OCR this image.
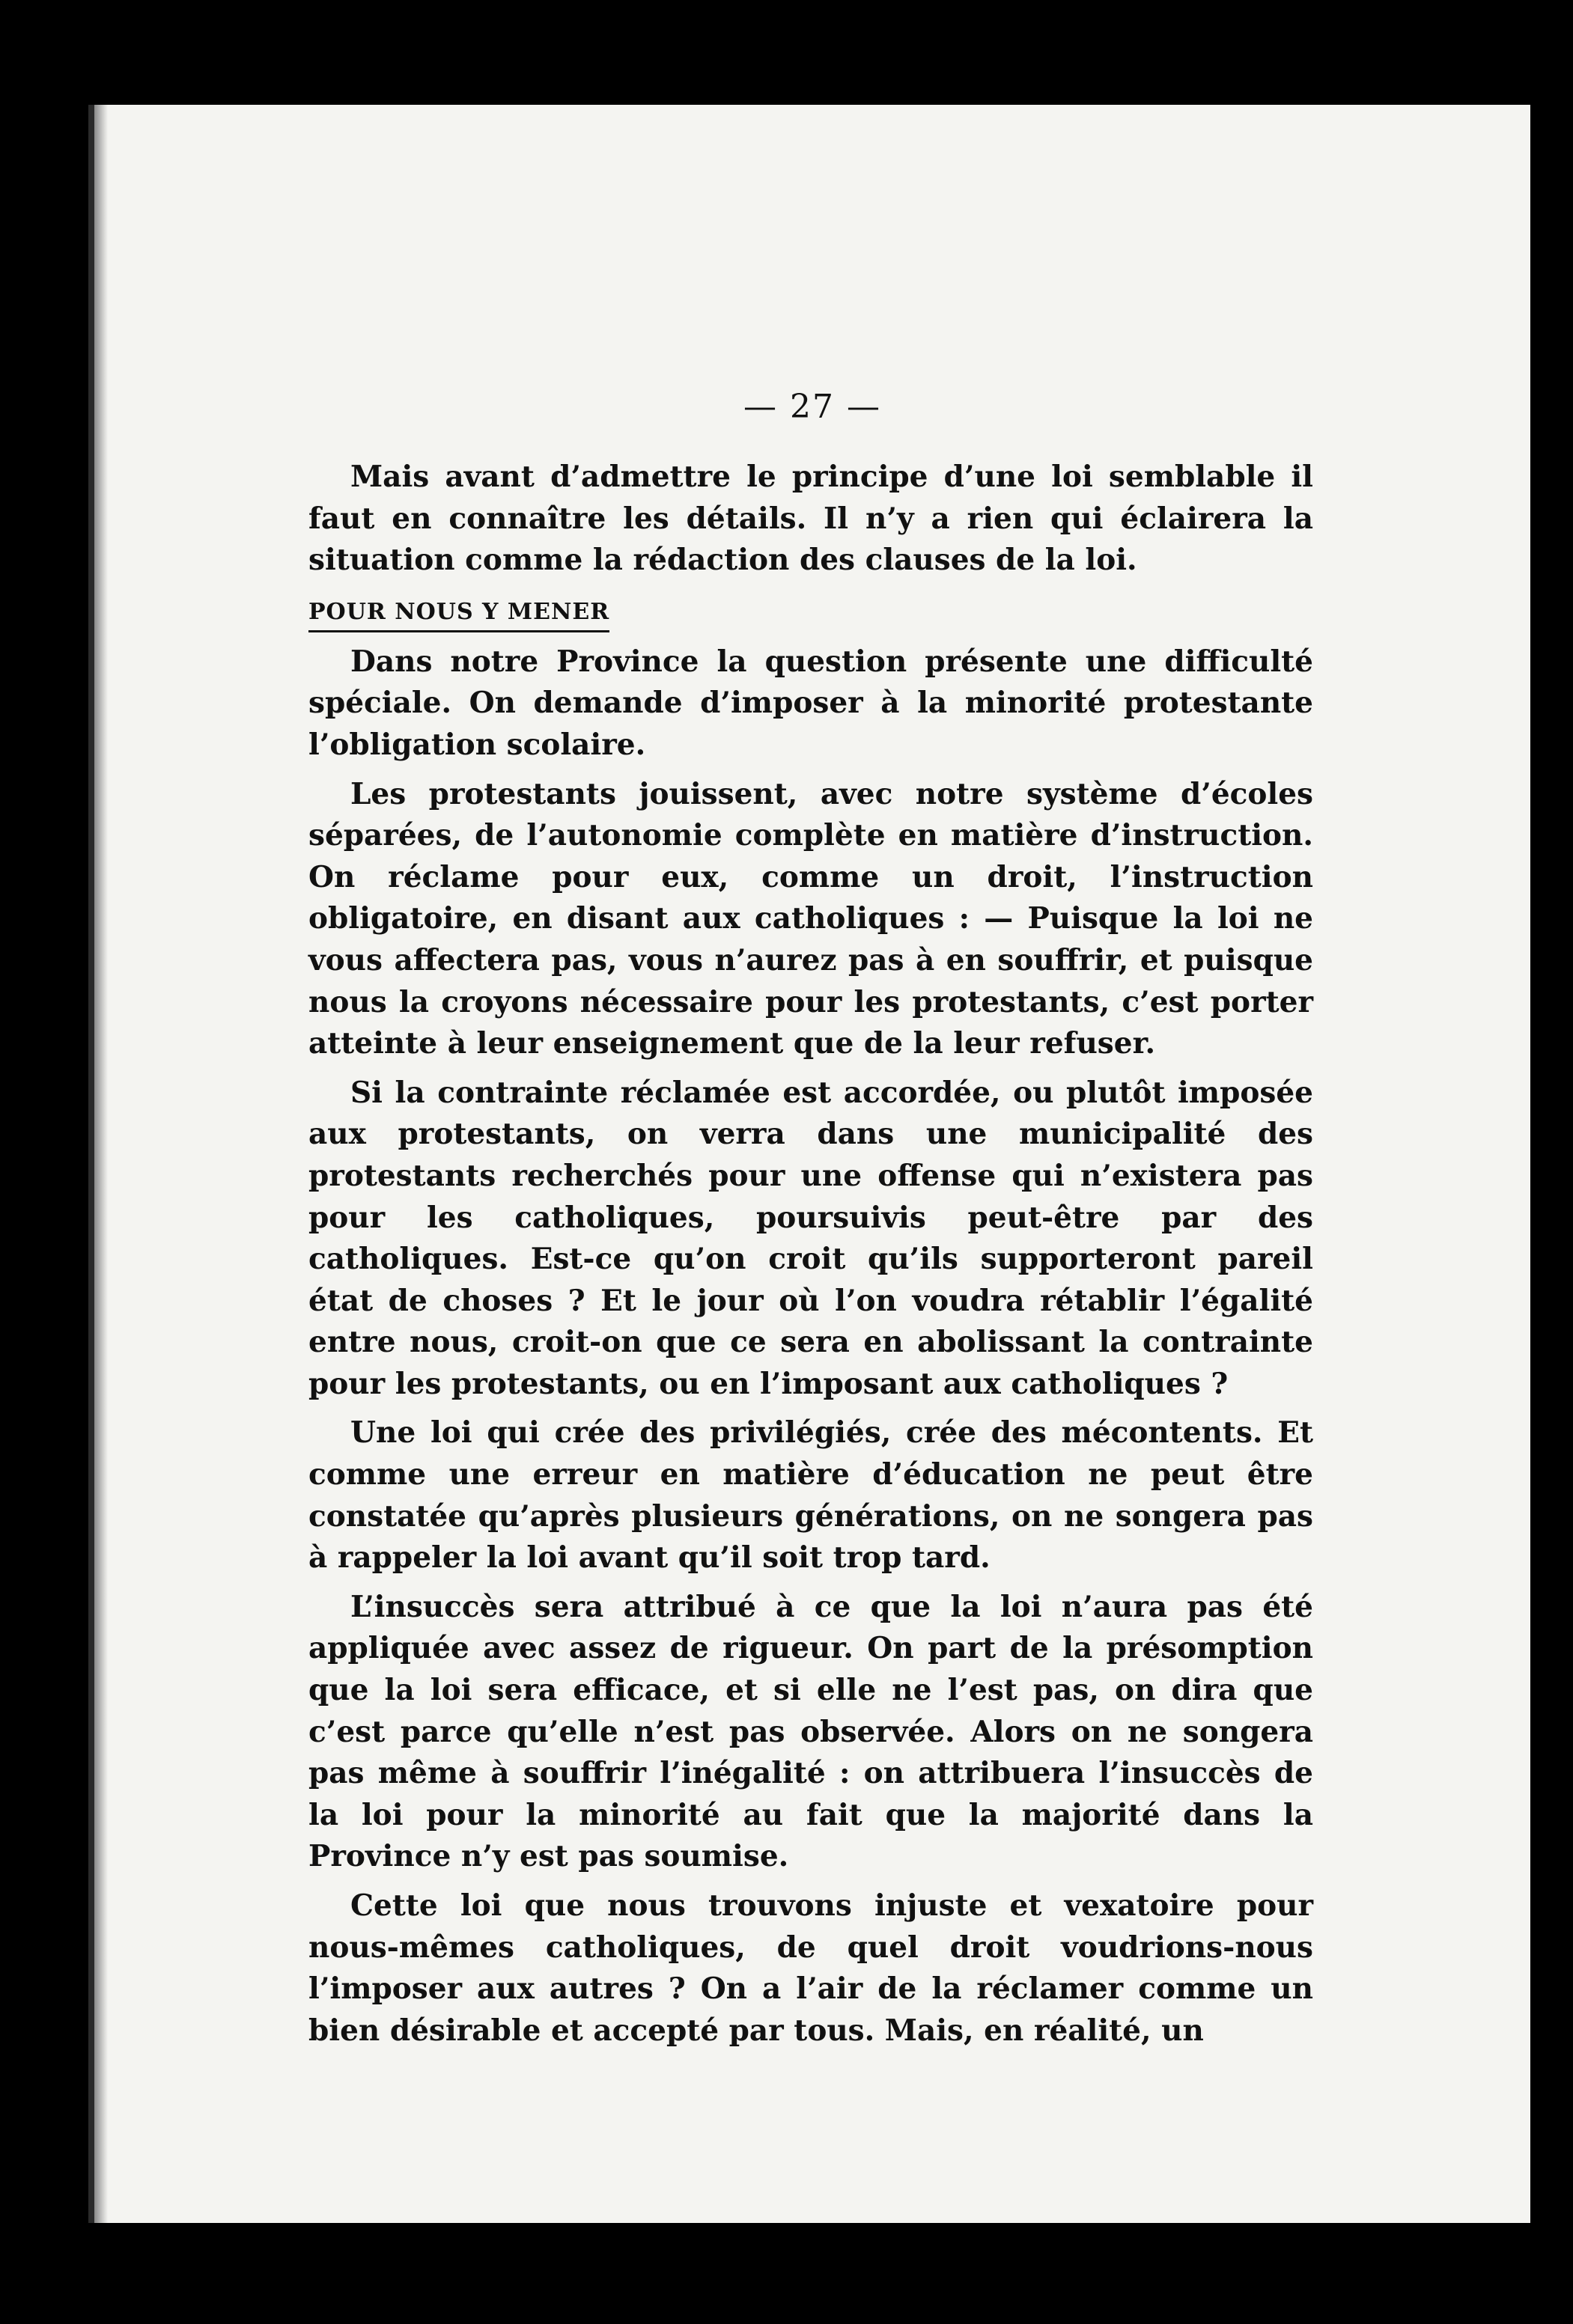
— 27 —

Mais avant d’admettre le principe d’une loi semblable il faut en connaître les détails. Il n’y a rien qui éclairera la situation comme la rédaction des clauses de la loi.

POUR NOUS Y MENER

Dans notre Province la question présente une difficulté spéciale. On demande d’imposer à la minorité protestante l’obligation scolaire.

Les protestants jouissent, avec notre système d’écoles séparées, de l’autonomie complète en matière d’instruction. On réclame pour eux, comme un droit, l’instruction obligatoire, en disant aux catholiques : — Puisque la loi ne vous affectera pas, vous n’aurez pas à en souffrir, et puisque nous la croyons nécessaire pour les protestants, c’est porter atteinte à leur enseignement que de la leur refuser.

Si la contrainte réclamée est accordée, ou plutôt imposée aux protestants, on verra dans une municipalité des protestants recherchés pour une offense qui n’existera pas pour les catholiques, poursuivis peut-être par des catholiques. Est-ce qu’on croit qu’ils supporteront pareil état de choses ? Et le jour où l’on voudra rétablir l’égalité entre nous, croit-on que ce sera en abolissant la contrainte pour les protestants, ou en l’imposant aux catholiques ?

Une loi qui crée des privilégiés, crée des mécontents. Et comme une erreur en matière d’éducation ne peut être constatée qu’après plusieurs générations, on ne songera pas à rappeler la loi avant qu’il soit trop tard.

L’insuccès sera attribué à ce que la loi n’aura pas été appliquée avec assez de rigueur. On part de la présomption que la loi sera efficace, et si elle ne l’est pas, on dira que c’est parce qu’elle n’est pas observée. Alors on ne songera pas même à souffrir l’inégalité : on attribuera l’insuccès de la loi pour la minorité au fait que la majorité dans la Province n’y est pas soumise.

Cette loi que nous trouvons injuste et vexatoire pour nous-mêmes catholiques, de quel droit voudrions-nous l’imposer aux autres ? On a l’air de la réclamer comme un bien désirable et accepté par tous. Mais, en réalité, un
